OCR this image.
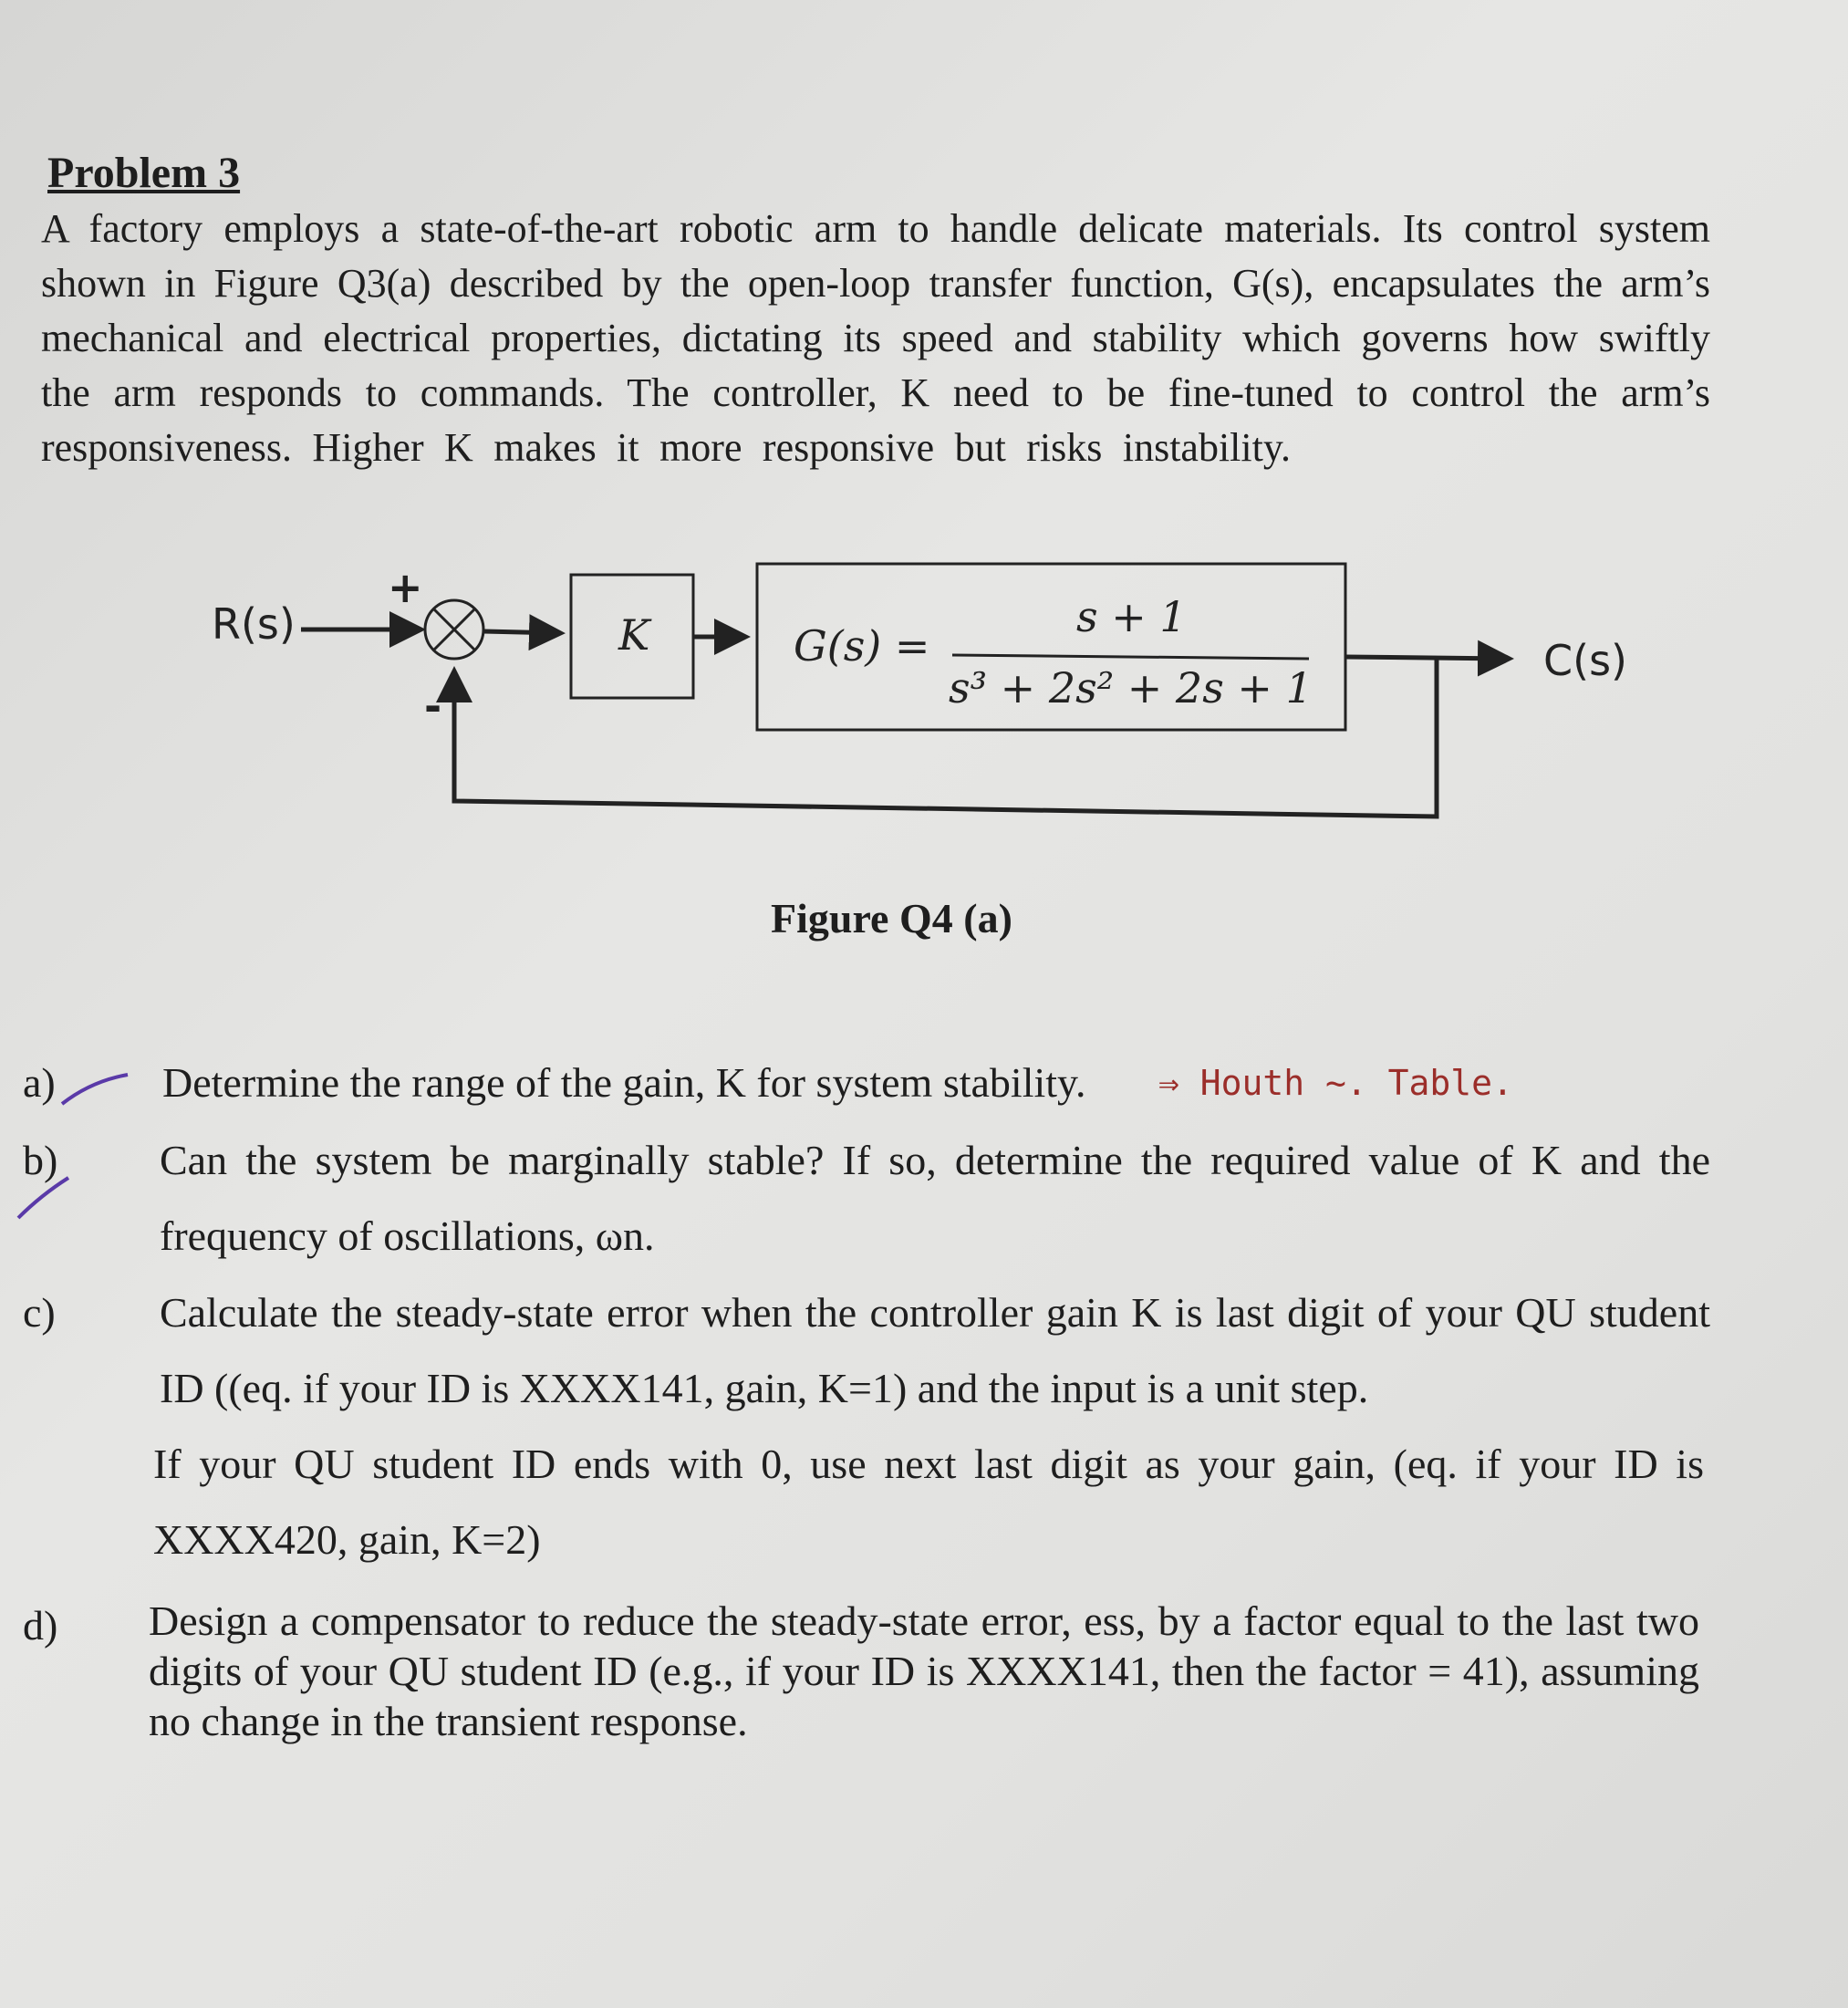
Problem 3
A factory employs a state-of-the-art robotic arm to handle delicate materials. Its control system
shown in Figure Q3(a) described by the open-loop transfer function, G(s), encapsulates the arm’s
mechanical and electrical properties, dictating its speed and stability which governs how swiftly
the arm responds to commands. The controller, K need to be fine-tuned to control the arm’s
responsiveness. Higher K makes it more responsive but risks instability.
R(s)
+
-
K	G(s) =
s + 1
s³ + 2s² + 2s + 1
C(s)
Figure Q4 (a)
a)	Determine the range of the gain, K for system stability. ⇒ Houth ~. Table.
b) Can the system be marginally stable? If so, determine the required value of K and the
frequency of oscillations, ωn.
c) Calculate the steady-state error when the controller gain K is last digit of your QU student
ID ((eq. if your ID is XXXX141, gain, K=1) and the input is a unit step.
If your QU student ID ends with 0, use next last digit as your gain, (eq. if your ID is
XXXX420, gain, K=2)
d) Design a compensator to reduce the steady-state error, ess, by a factor equal to the last two
digits of your QU student ID (e.g., if your ID is XXXX141, then the factor = 41), assuming
no change in the transient response.
